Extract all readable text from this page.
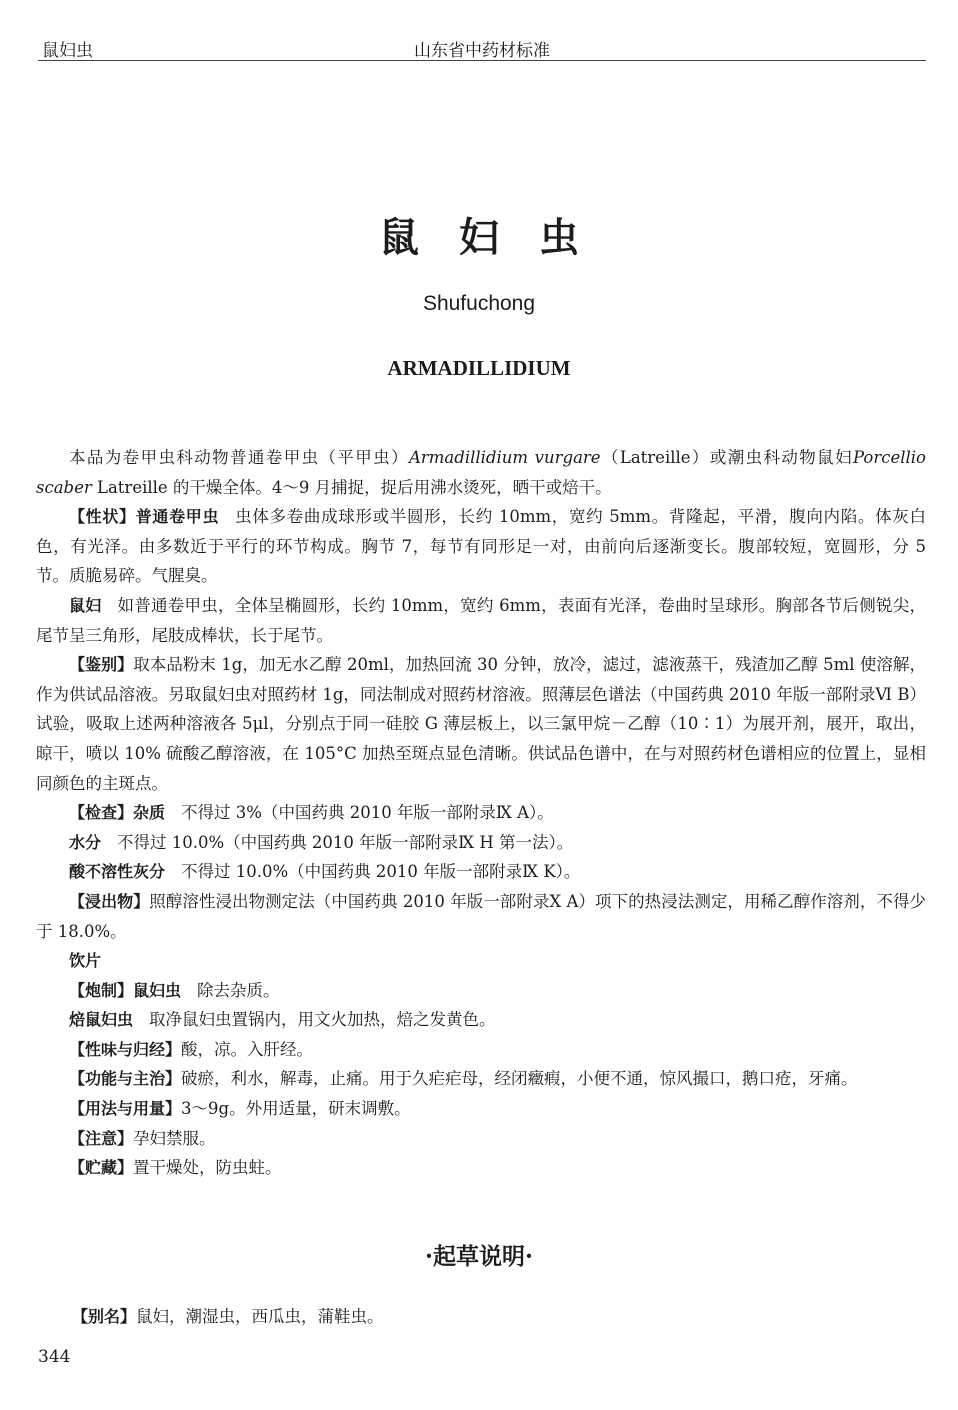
鼠妇虫	山东省中药材标准
鼠妇虫
Shufuchong
ARMADILLIDIUM

本品为卷甲虫科动物普通卷甲虫（平甲虫）Armadillidium vurgare（Latreille）或潮虫科动物鼠妇Porcellio scaber Latreille 的干燥全体。4～9 月捕捉，捉后用沸水烫死，晒干或焙干。

【性状】普通卷甲虫 虫体多卷曲成球形或半圆形，长约 10mm，宽约 5mm。背隆起，平滑，腹向内陷。体灰白色，有光泽。由多数近于平行的环节构成。胸节 7，每节有同形足一对，由前向后逐渐变长。腹部较短，宽圆形，分 5 节。质脆易碎。气腥臭。

鼠妇 如普通卷甲虫，全体呈椭圆形，长约 10mm，宽约 6mm，表面有光泽，卷曲时呈球形。胸部各节后侧锐尖，尾节呈三角形，尾肢成棒状，长于尾节。

【鉴别】取本品粉末 1g，加无水乙醇 20ml，加热回流 30 分钟，放冷，滤过，滤液蒸干，残渣加乙醇 5ml 使溶解，作为供试品溶液。另取鼠妇虫对照药材 1g，同法制成对照药材溶液。照薄层色谱法（中国药典 2010 年版一部附录Ⅵ B）试验，吸取上述两种溶液各 5μl，分别点于同一硅胶 G 薄层板上，以三氯甲烷－乙醇（10∶1）为展开剂，展开，取出，晾干，喷以 10% 硫酸乙醇溶液，在 105°C 加热至斑点显色清晰。供试品色谱中，在与对照药材色谱相应的位置上，显相同颜色的主斑点。

【检查】杂质 不得过 3%（中国药典 2010 年版一部附录Ⅸ A）。

水分 不得过 10.0%（中国药典 2010 年版一部附录Ⅸ H 第一法）。

酸不溶性灰分 不得过 10.0%（中国药典 2010 年版一部附录Ⅸ K）。

【浸出物】照醇溶性浸出物测定法（中国药典 2010 年版一部附录Ⅹ A）项下的热浸法测定，用稀乙醇作溶剂，不得少于 18.0%。

饮片

【炮制】鼠妇虫 除去杂质。

焙鼠妇虫 取净鼠妇虫置锅内，用文火加热，焙之发黄色。

【性味与归经】酸，凉。入肝经。

【功能与主治】破瘀，利水，解毒，止痛。用于久疟疟母，经闭癥瘕，小便不通，惊风撮口，鹅口疮，牙痛。

【用法与用量】3～9g。外用适量，研末调敷。

【注意】孕妇禁服。

【贮藏】置干燥处，防虫蛀。

·起草说明·
【别名】鼠妇，潮湿虫，西瓜虫，蒲鞋虫。
344
